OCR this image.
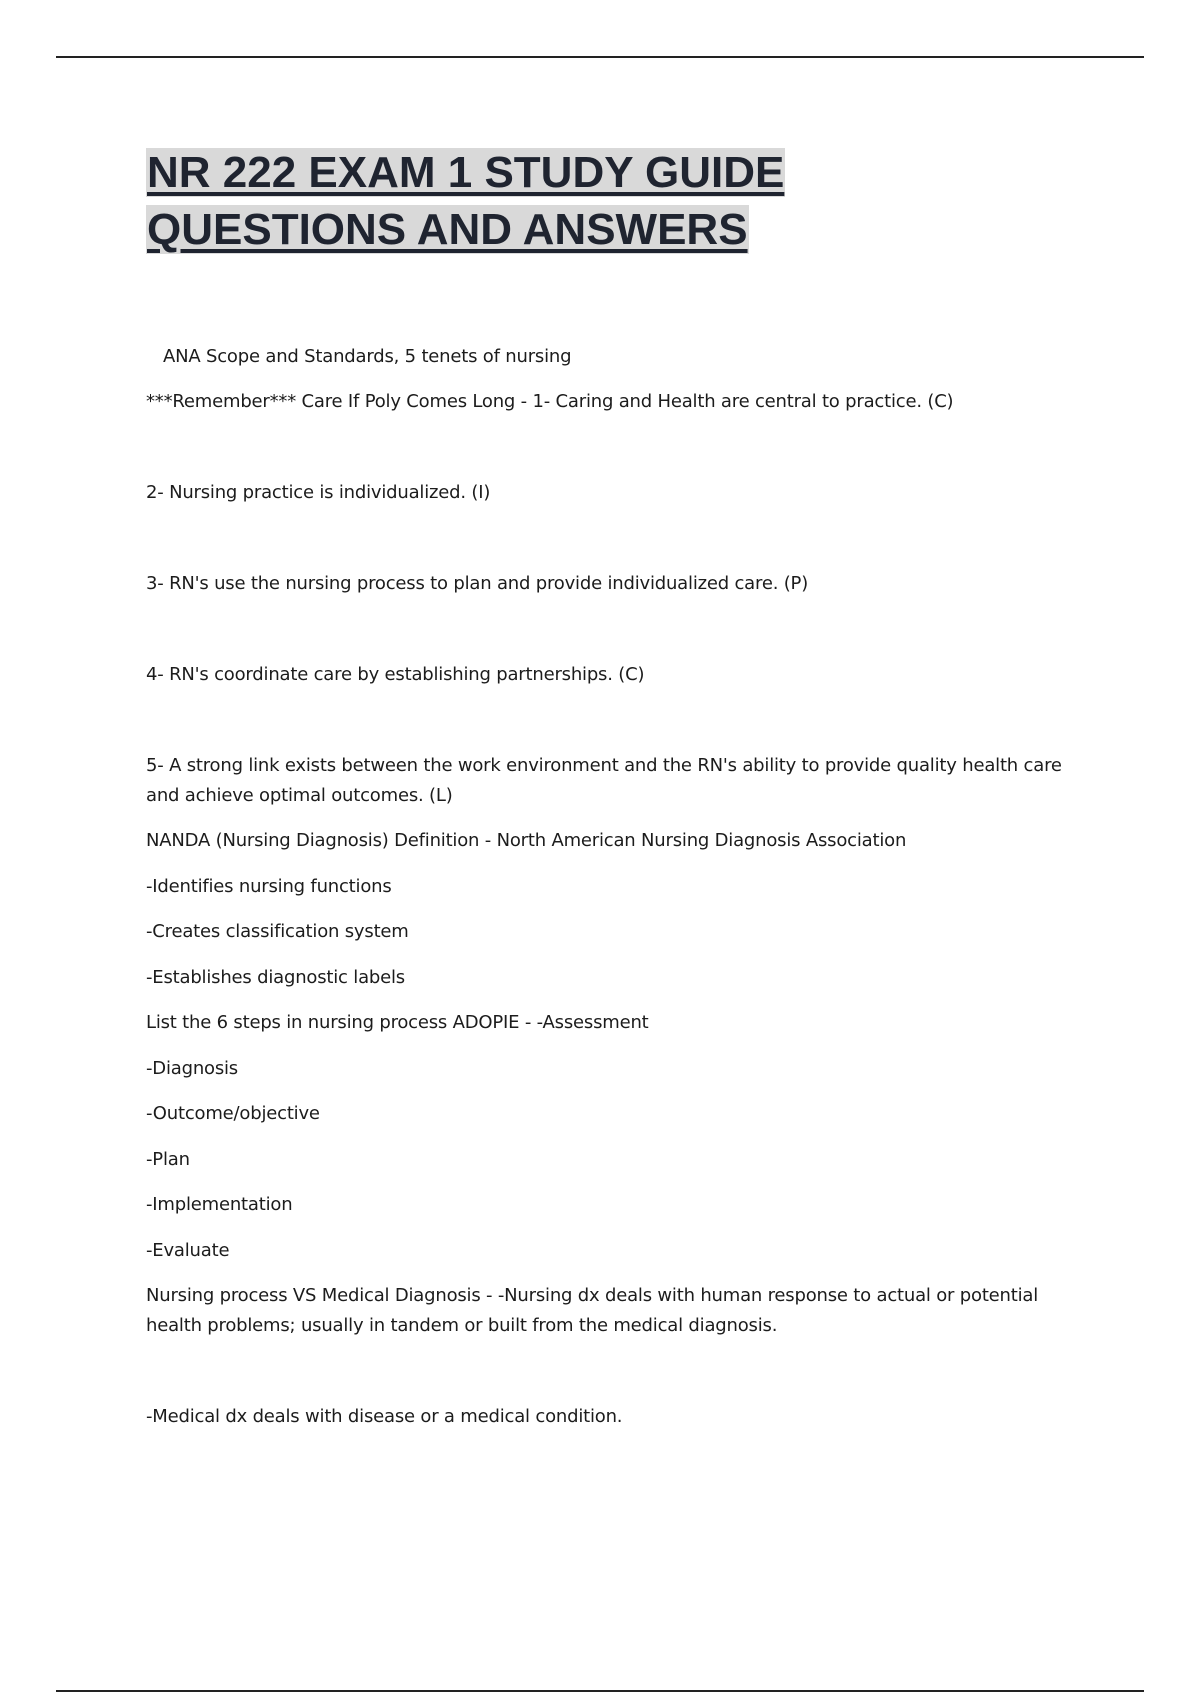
NR 222 EXAM 1 STUDY GUIDE
QUESTIONS AND ANSWERS

ANA Scope and Standards, 5 tenets of nursing

***Remember*** Care If Poly Comes Long - 1- Caring and Health are central to practice. (C)

2- Nursing practice is individualized. (I)

3- RN's use the nursing process to plan and provide individualized care. (P)

4- RN's coordinate care by establishing partnerships. (C)

5- A strong link exists between the work environment and the RN's ability to provide quality health care and achieve optimal outcomes. (L)

NANDA (Nursing Diagnosis) Definition - North American Nursing Diagnosis Association

-Identifies nursing functions

-Creates classification system

-Establishes diagnostic labels

List the 6 steps in nursing process ADOPIE - -Assessment

-Diagnosis

-Outcome/objective

-Plan

-Implementation

-Evaluate

Nursing process VS Medical Diagnosis - -Nursing dx deals with human response to actual or potential health problems; usually in tandem or built from the medical diagnosis.

-Medical dx deals with disease or a medical condition.
